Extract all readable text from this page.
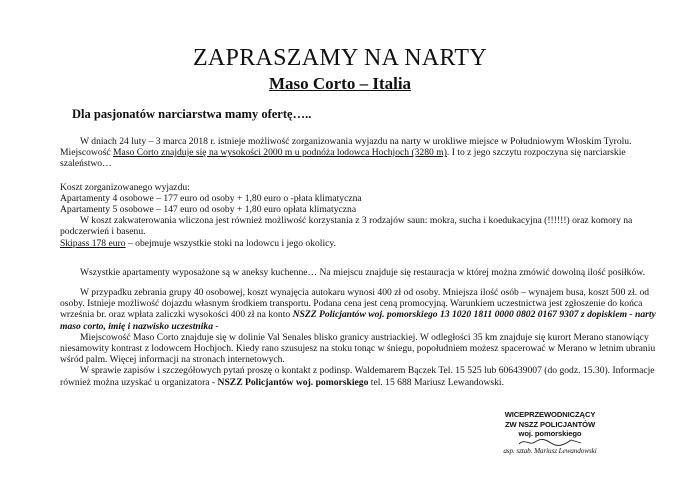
ZAPRASZAMY NA NARTY
Maso Corto – Italia
Dla pasjonatów narciarstwa mamy ofertę…..

W dniach 24 luty – 3 marca 2018 r. istnieje możliwość zorganizowania wyjazdu na narty w urokliwe miejsce w Południowym Włoskim Tyrolu.

Miejscowość Maso Corto znajduje się na wysokości 2000 m u podnóża lodowca Hochjoch (3280 m). I to z jego szczytu rozpoczyna się narciarskie szaleństwo…

Koszt zorganizowanego wyjazdu:

Apartamenty 4 osobowe – 177 euro od osoby + 1,80 euro o -płata klimatyczna

Apartamenty 5 osobowe – 147 euro od osoby + 1,80 euro opłata klimatyczna

W koszt zakwaterowania wliczona jest również możliwość korzystania z 3 rodzajów saun: mokra, sucha i koedukacyjna (!!!!!!) oraz komory na podczerwień i basenu.

Skipass 178 euro – obejmuje wszystkie stoki na lodowcu i jego okolicy.

Wszystkie apartamenty wyposażone są w aneksy kuchenne… Na miejscu znajduje się restauracja w której można zmówić dowolną ilość posiłków.

W przypadku zebrania grupy 40 osobowej, koszt wynajęcia autokaru wynosi 400 zł od osoby. Mniejsza ilość osób – wynajem busa, koszt 500 zł. od osoby. Istnieje możliwość dojazdu własnym środkiem transportu. Podana cena jest ceną promocyjną. Warunkiem uczestnictwa jest zgłoszenie do końca września br. oraz wpłata zaliczki wysokości 400 zł na konto NSZZ Policjantów woj. pomorskiego 13 1020 1811 0000 0802 0167 9307 z dopiskiem - narty maso corto, imię i nazwisko uczestnika -

Miejscowość Maso Corto znajduje się w dolinie Val Senales blisko granicy austriackiej. W odległości 35 km znajduje się kurort Merano stanowiący niesamowity kontrast z lodowcem Hochjoch. Kiedy rano szusujesz na stoku tonąc w śniegu, popołudniem możesz spacerować w Merano w letnim ubraniu wśród palm. Więcej informacji na stronach internetowych.

W sprawie zapisów i szczegółowych pytań proszę o kontakt z podinsp. Waldemarem Bączek Tel. 15 525 lub 606439007 (do godz. 15.30). Informacje również można uzyskać u organizatora - NSZZ Policjantów woj. pomorskiego tel. 15 688 Mariusz Lewandowski.

WICEPRZEWODNICZĄCY
ZW NSZZ POLICJANTÓW
woj. pomorskiego
asp. sztab. Mariusz Lewandowski
